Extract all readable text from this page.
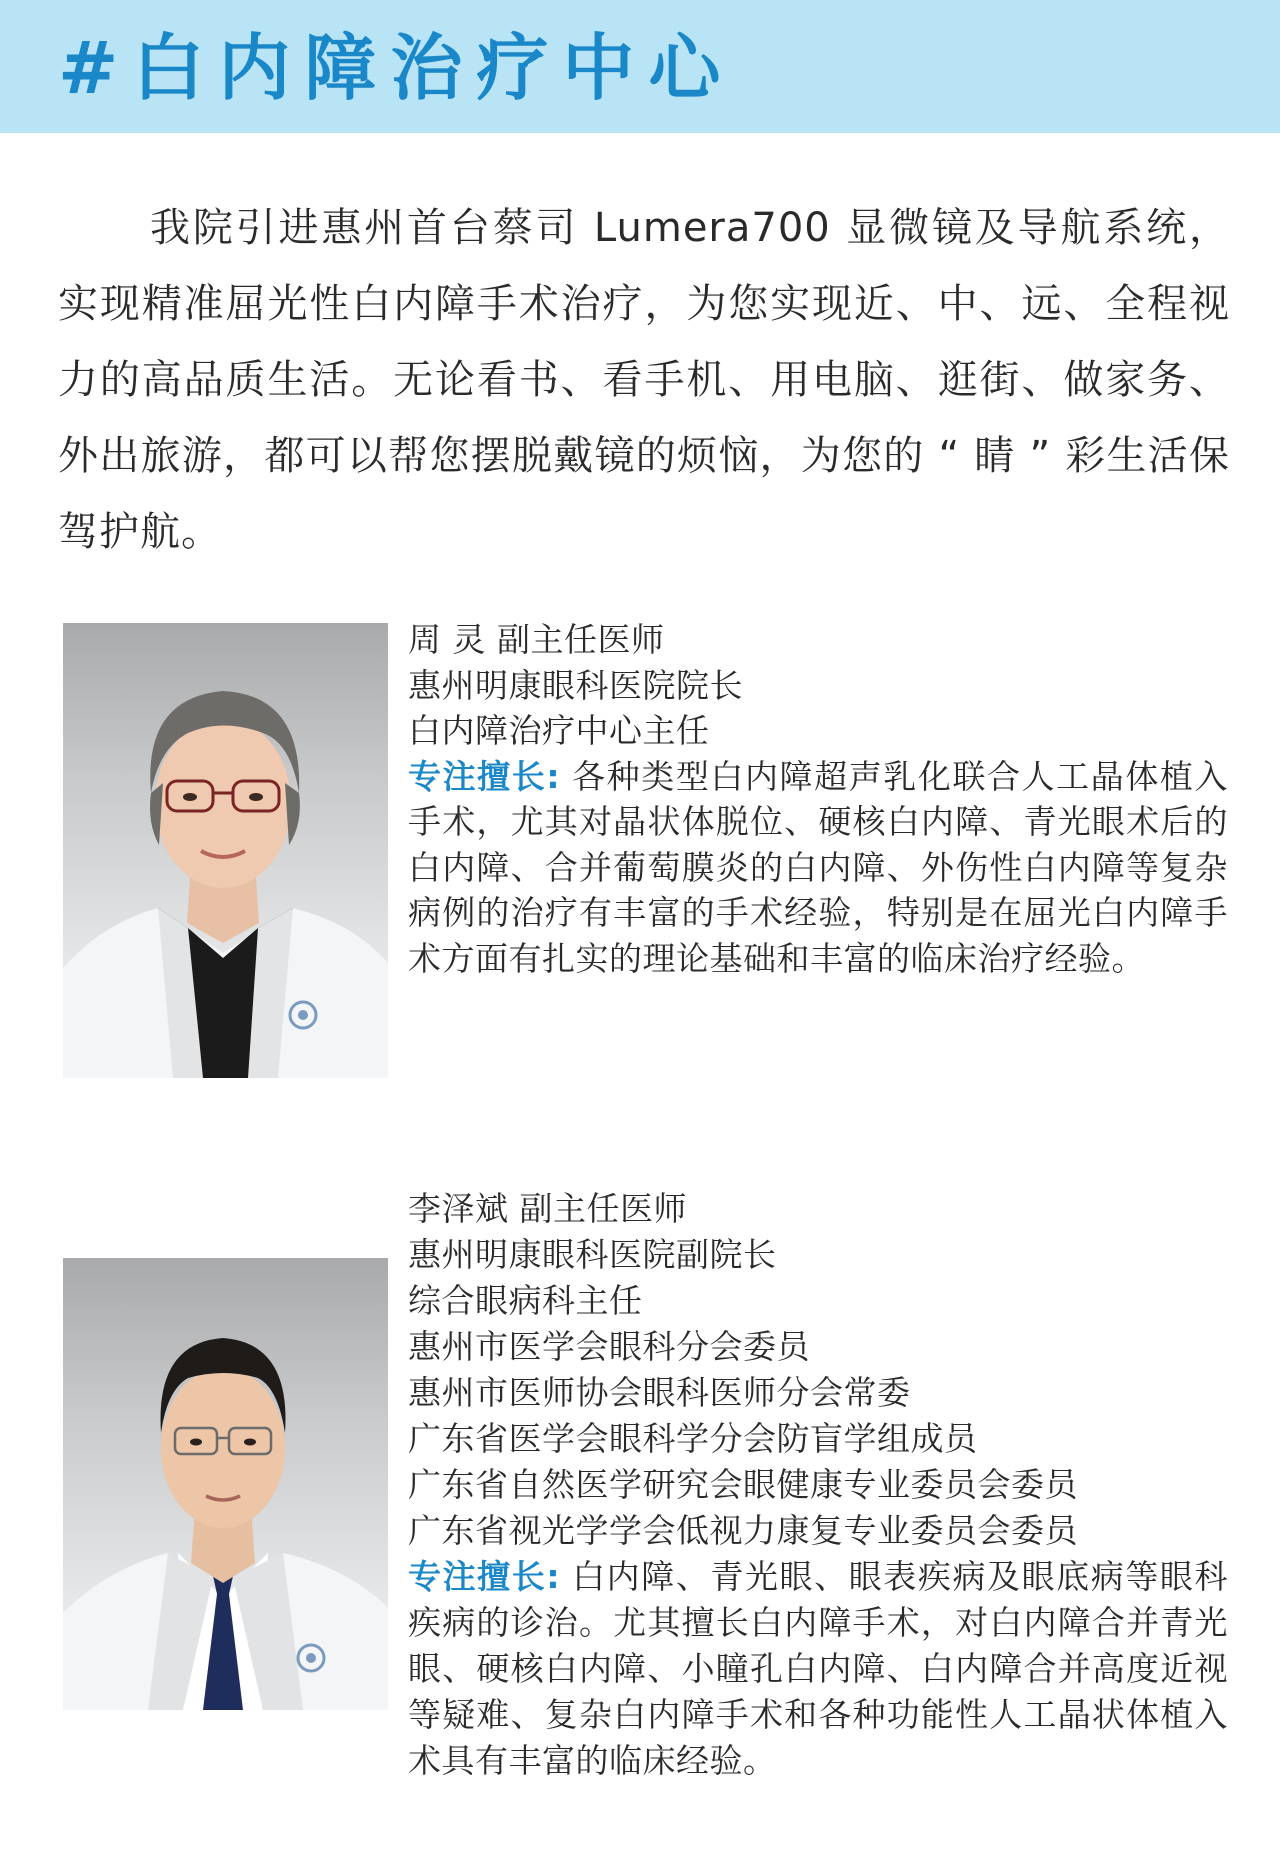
#白内障治疗中心
我院引进惠州首台蔡司 Lumera700 显微镜及导航系统，实现精准屈光性白内障手术治疗，为您实现近、中、远、全程视力的高品质生活。无论看书、看手机、用电脑、逛街、做家务、外出旅游，都可以帮您摆脱戴镜的烦恼，为您的 “ 睛 ” 彩生活保驾护航。
周 灵 副主任医师
惠州明康眼科医院院长
白内障治疗中心主任
专注擅长: 各种类型白内障超声乳化联合人工晶体植入手术，尤其对晶状体脱位、硬核白内障、青光眼术后的白内障、合并葡萄膜炎的白内障、外伤性白内障等复杂病例的治疗有丰富的手术经验，特别是在屈光白内障手术方面有扎实的理论基础和丰富的临床治疗经验。
李泽斌 副主任医师
惠州明康眼科医院副院长
综合眼病科主任
惠州市医学会眼科分会委员
惠州市医师协会眼科医师分会常委
广东省医学会眼科学分会防盲学组成员
广东省自然医学研究会眼健康专业委员会委员
广东省视光学学会低视力康复专业委员会委员
专注擅长: 白内障、青光眼、眼表疾病及眼底病等眼科疾病的诊治。尤其擅长白内障手术，对白内障合并青光眼、硬核白内障、小瞳孔白内障、白内障合并高度近视等疑难、复杂白内障手术和各种功能性人工晶状体植入术具有丰富的临床经验。
